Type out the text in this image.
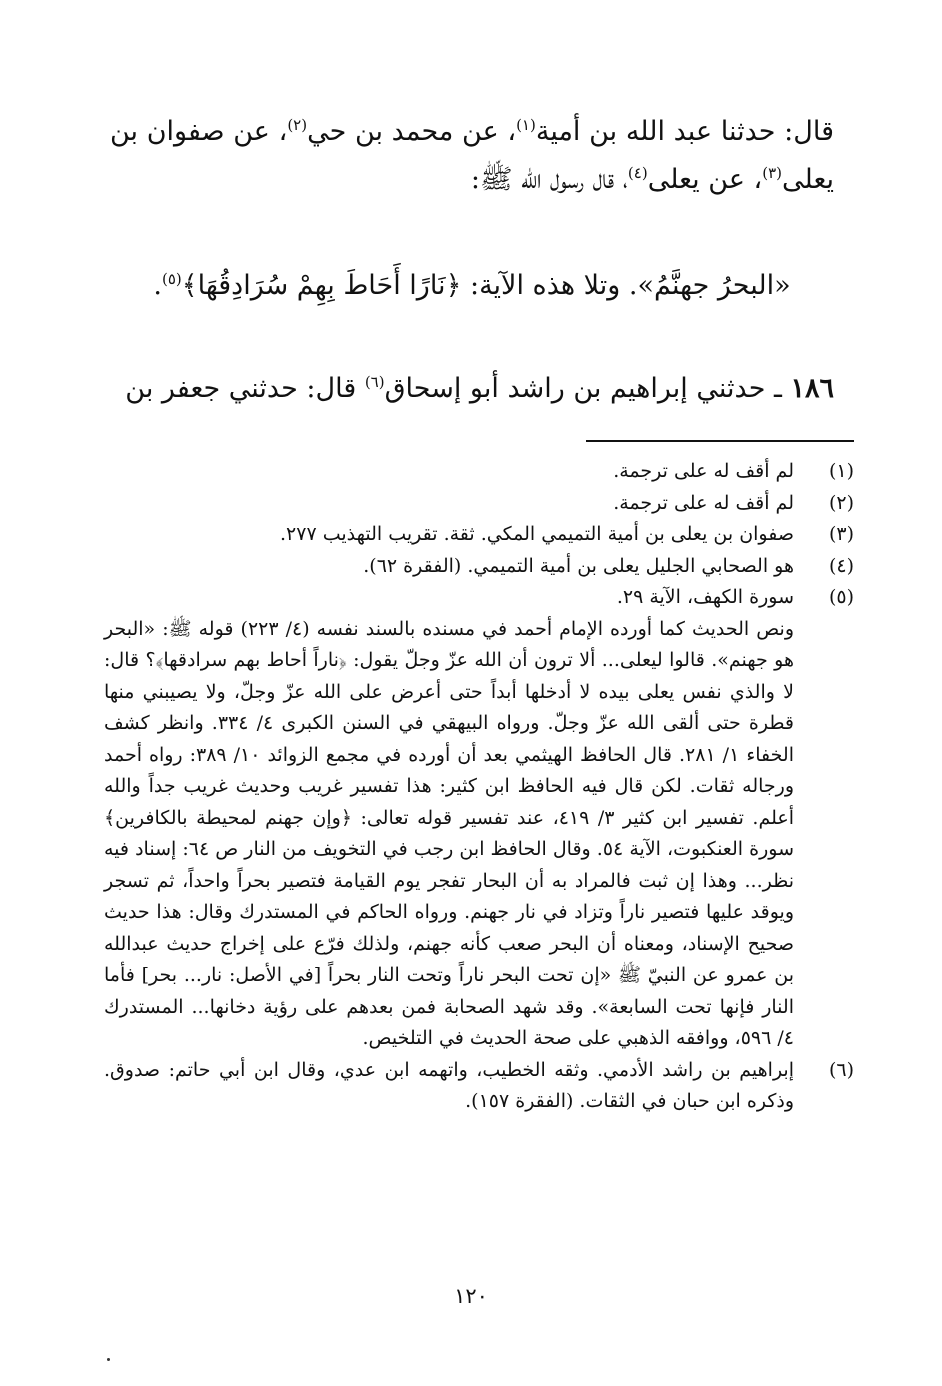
قال: حدثنا عبد الله بن أمية$^{(١)}$، عن محمد بن حي$^{(٢)}$، عن صفوان بن يعلى$^{(٣)}$، عن يعلى$^{(٤)}$، قال رسول الله ﷺ:

«البحرُ جهنَّمُ». وتلا هذه الآية: ﴿نَارًا أَحَاطَ بِهِمْ سُرَادِقُهَا﴾$^{(٥)}$.

١٨٦ ـ حدثني إبراهيم بن راشد أبو إسحاق$^{(٦)}$ قال: حدثني جعفر بن

(١)
لم أقف له على ترجمة.
(٢)
لم أقف له على ترجمة.
(٣)
صفوان بن يعلى بن أمية التميمي المكي. ثقة. تقريب التهذيب ٢٧٧.
(٤)
هو الصحابي الجليل يعلى بن أمية التميمي. (الفقرة ٦٢).
(٥)
سورة الكهف، الآية ٢٩.
ونص الحديث كما أورده الإمام أحمد في مسنده بالسند نفسه (٤/ ٢٢٣) قوله ﷺ: «البحر هو جهنم». قالوا ليعلى... ألا ترون أن الله عزّ وجلّ يقول: ﴿ناراً أحاط بهم سرادقها﴾؟ قال: لا والذي نفس يعلى بيده لا أدخلها أبداً حتى أعرض على الله عزّ وجلّ، ولا يصيبني منها قطرة حتى ألقى الله عزّ وجلّ. ورواه البيهقي في السنن الكبرى ٤/ ٣٣٤. وانظر كشف الخفاء ١/ ٢٨١. قال الحافظ الهيثمي بعد أن أورده في مجمع الزوائد ١٠/ ٣٨٩: رواه أحمد ورجاله ثقات. لكن قال فيه الحافظ ابن كثير: هذا تفسير غريب وحديث غريب جداً والله أعلم. تفسير ابن كثير ٣/ ٤١٩، عند تفسير قوله تعالى: ﴿وإن جهنم لمحيطة بالكافرين﴾ سورة العنكبوت، الآية ٥٤. وقال الحافظ ابن رجب في التخويف من النار ص ٦٤: إسناد فيه نظر... وهذا إن ثبت فالمراد به أن البحار تفجر يوم القيامة فتصير بحراً واحداً، ثم تسجر ويوقد عليها فتصير ناراً وتزاد في نار جهنم. ورواه الحاكم في المستدرك وقال: هذا حديث صحيح الإسناد، ومعناه أن البحر صعب كأنه جهنم، ولذلك فرّع على إخراج حديث عبدالله بن عمرو عن النبيّ ﷺ «إن تحت البحر ناراً وتحت النار بحراً [في الأصل: نار... بحر] فأما النار فإنها تحت السابعة». وقد شهد الصحابة فمن بعدهم على رؤية دخانها... المستدرك ٤/ ٥٩٦، ووافقه الذهبي على صحة الحديث في التلخيص.
(٦)
إبراهيم بن راشد الأدمي. وثقه الخطيب، واتهمه ابن عدي، وقال ابن أبي حاتم: صدوق. وذكره ابن حبان في الثقات. (الفقرة ١٥٧).
١٢٠
